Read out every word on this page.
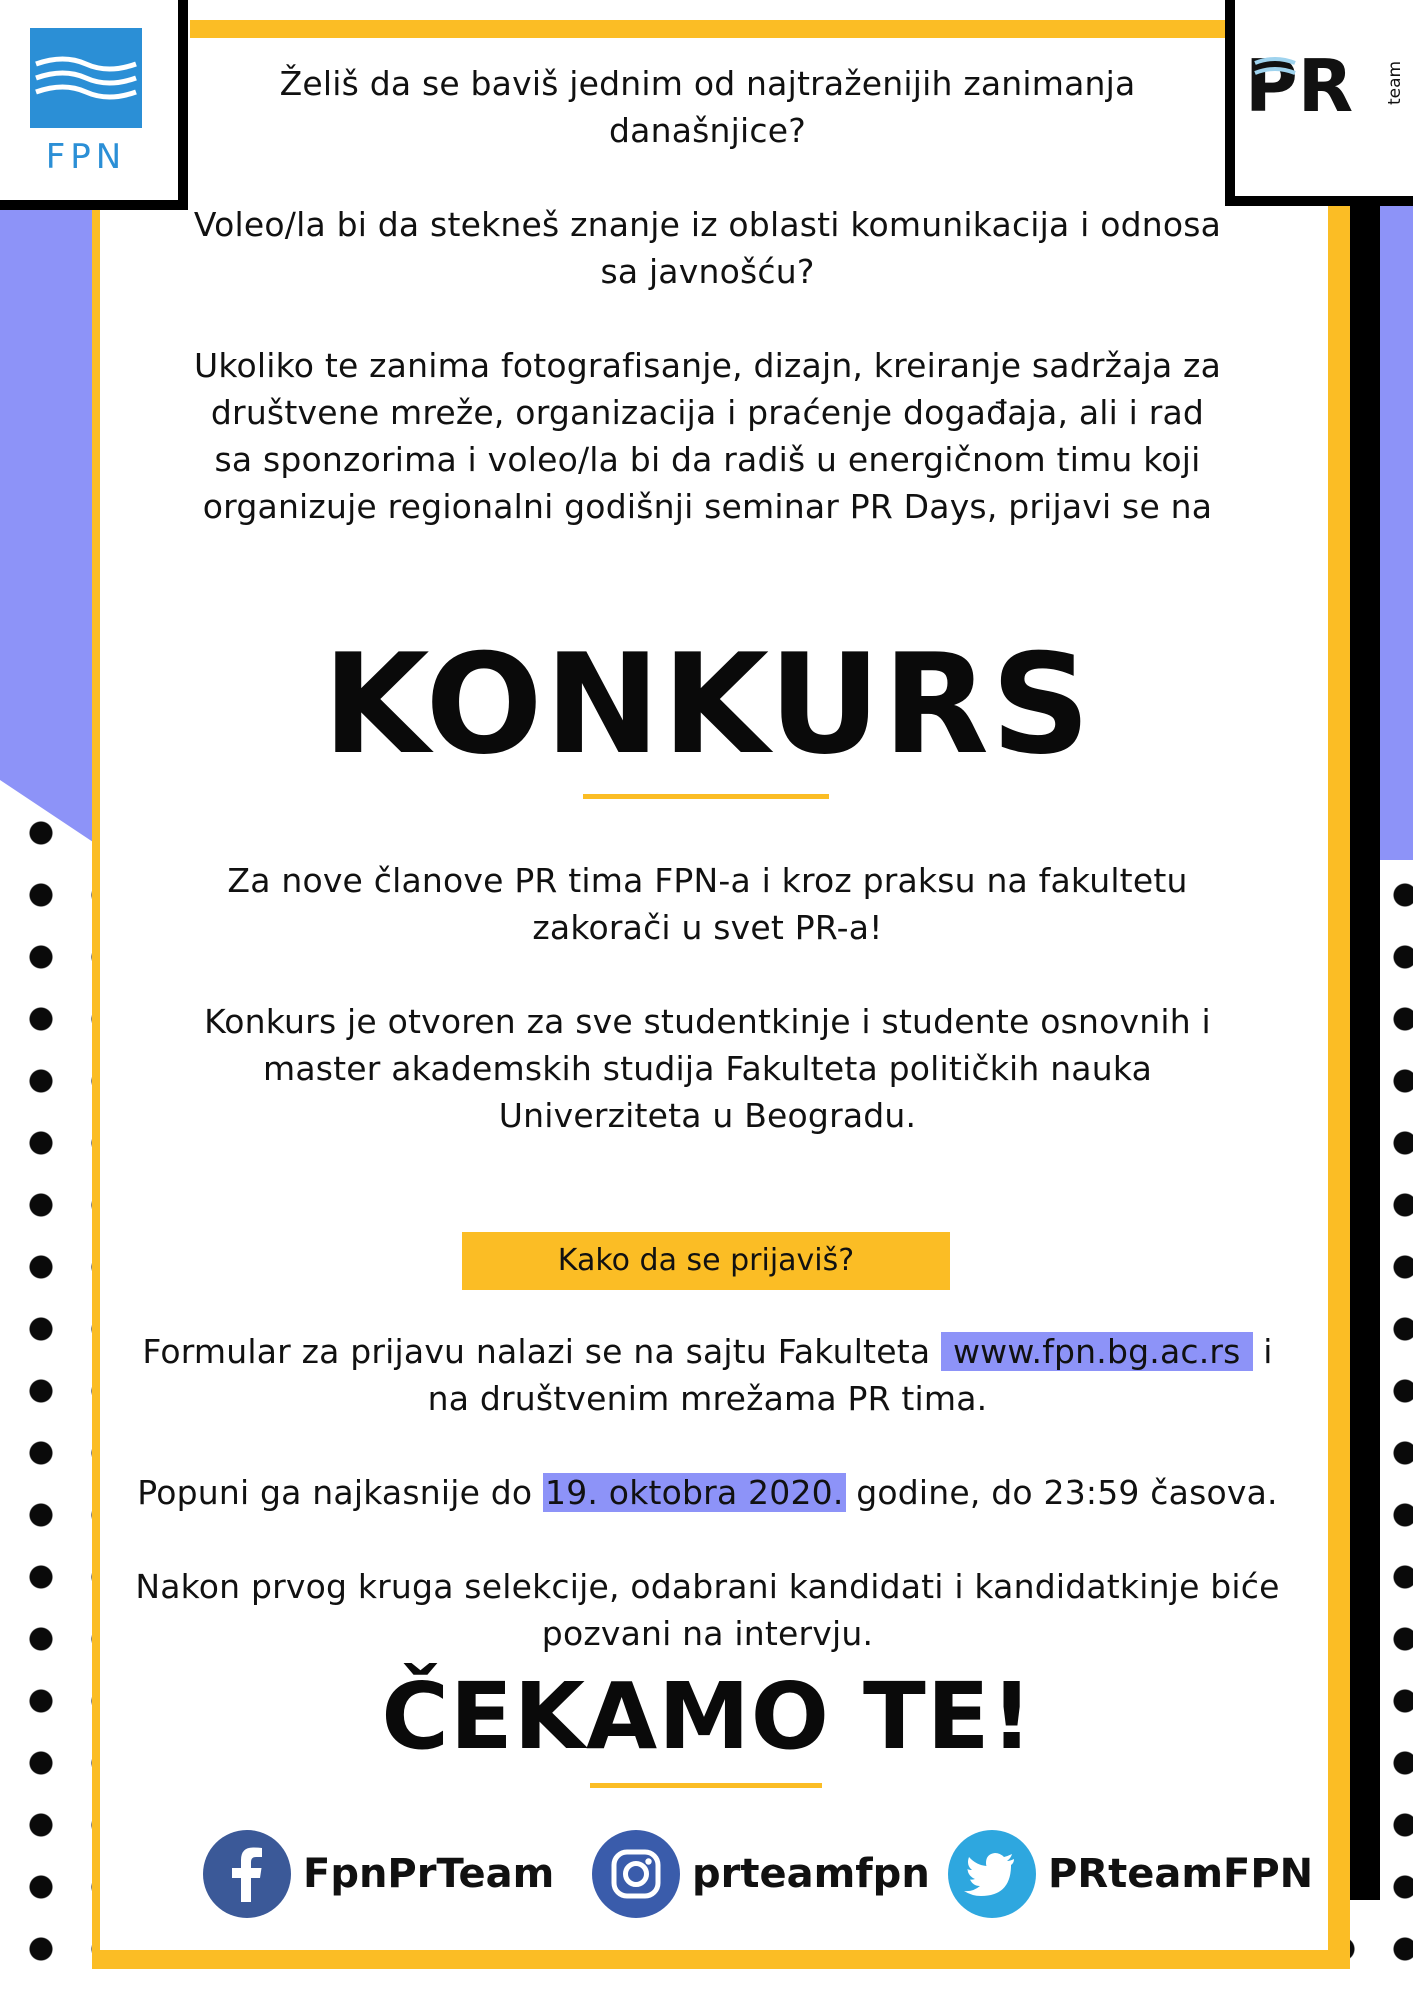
FPN
PR team

Želiš da se baviš jednim od najtraženijih zanimanja današnjice?

Voleo/la bi da stekneš znanje iz oblasti komunikacija i odnosa sa javnošću?

Ukoliko te zanima fotografisanje, dizajn, kreiranje sadržaja za društvene mreže, organizacija i praćenje događaja, ali i rad sa sponzorima i voleo/la bi da radiš u energičnom timu koji organizuje regionalni godišnji seminar PR Days, prijavi se na

KONKURS

Za nove članove PR tima FPN-a i kroz praksu na fakultetu zakorači u svet PR-a!

Konkurs je otvoren za sve studentkinje i studente osnovnih i master akademskih studija Fakulteta političkih nauka Univerziteta u Beogradu.

Kako da se prijaviš?

Formular za prijavu nalazi se na sajtu Fakulteta www.fpn.bg.ac.rs i na društvenim mrežama PR tima.

Popuni ga najkasnije do 19. oktobra 2020. godine, do 23:59 časova.

Nakon prvog kruga selekcije, odabrani kandidati i kandidatkinje biće pozvani na intervju.

ČEKAMO TE!
FpnPrTeam	prteamfpn	PRteamFPN
